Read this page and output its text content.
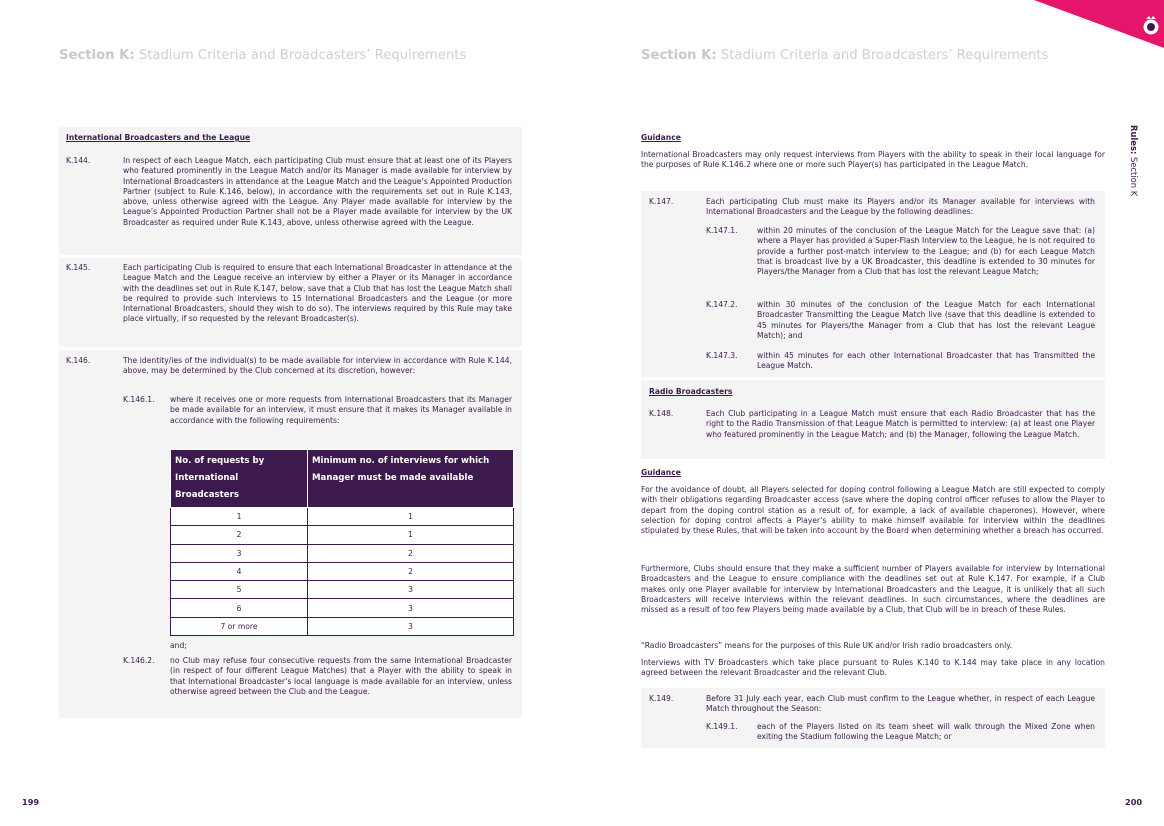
Section K: Stadium Criteria and Broadcasters’ Requirements	Section K: Stadium Criteria and Broadcasters’ Requirements
Rules: Section K
199	200
International Broadcasters and the League
K.144.	In respect of each League Match, each participating Club must ensure that at least one of its Players who featured prominently in the League Match and/or its Manager is made available for interview by International Broadcasters in attendance at the League Match and the League’s Appointed Production Partner (subject to Rule K.146, below), in accordance with the requirements set out in Rule K.143, above, unless otherwise agreed with the League. Any Player made available for interview by the League’s Appointed Production Partner shall not be a Player made available for interview by the UK Broadcaster as required under Rule K.143, above, unless otherwise agreed with the League.
K.145.	Each participating Club is required to ensure that each International Broadcaster in attendance at the League Match and the League receive an interview by either a Player or its Manager in accordance with the deadlines set out in Rule K.147, below, save that a Club that has lost the League Match shall be required to provide such interviews to 15 International Broadcasters and the League (or more International Broadcasters, should they wish to do so). The interviews required by this Rule may take place virtually, if so requested by the relevant Broadcaster(s).
K.146.	The identity/ies of the individual(s) to be made available for interview in accordance with Rule K.144, above, may be determined by the Club concerned at its discretion, however:
K.146.1. where it receives one or more requests from International Broadcasters that its Manager be made available for an interview, it must ensure that it makes its Manager available in accordance with the following requirements:
No. of requests by International Broadcasters	Minimum no. of interviews for which Manager must be made available
1	1
2	1
3	2
4	2
5	3
6	3
7 or more	3
and;
K.146.2. no Club may refuse four consecutive requests from the same International Broadcaster (in respect of four different League Matches) that a Player with the ability to speak in that International Broadcaster’s local language is made available for an interview, unless otherwise agreed between the Club and the League.
Guidance
International Broadcasters may only request interviews from Players with the ability to speak in their local language for the purposes of Rule K.146.2 where one or more such Player(s) has participated in the League Match.
K.147.	Each participating Club must make its Players and/or its Manager available for interviews with International Broadcasters and the League by the following deadlines:
K.147.1.	within 20 minutes of the conclusion of the League Match for the League save that: (a) where a Player has provided a Super-Flash Interview to the League, he is not required to provide a further post-match interview to the League; and (b) for each League Match that is broadcast live by a UK Broadcaster, this deadline is extended to 30 minutes for Players/the Manager from a Club that has lost the relevant League Match;
K.147.2.	within 30 minutes of the conclusion of the League Match for each International Broadcaster Transmitting the League Match live (save that this deadline is extended to 45 minutes for Players/the Manager from a Club that has lost the relevant League Match); and
K.147.3.	within 45 minutes for each other International Broadcaster that has Transmitted the League Match.
Radio Broadcasters
K.148.	Each Club participating in a League Match must ensure that each Radio Broadcaster that has the right to the Radio Transmission of that League Match is permitted to interview: (a) at least one Player who featured prominently in the League Match; and (b) the Manager, following the League Match.
Guidance
For the avoidance of doubt, all Players selected for doping control following a League Match are still expected to comply with their obligations regarding Broadcaster access (save where the doping control officer refuses to allow the Player to depart from the doping control station as a result of, for example, a lack of available chaperones). However, where selection for doping control affects a Player’s ability to make himself available for interview within the deadlines stipulated by these Rules, that will be taken into account by the Board when determining whether a breach has occurred.
Furthermore, Clubs should ensure that they make a sufficient number of Players available for interview by International Broadcasters and the League to ensure compliance with the deadlines set out at Rule K.147. For example, if a Club makes only one Player available for interview by International Broadcasters and the League, it is unlikely that all such Broadcasters will receive interviews within the relevant deadlines. In such circumstances, where the deadlines are missed as a result of too few Players being made available by a Club, that Club will be in breach of these Rules.
“Radio Broadcasters” means for the purposes of this Rule UK and/or Irish radio broadcasters only.
Interviews with TV Broadcasters which take place pursuant to Rules K.140 to K.144 may take place in any location agreed between the relevant Broadcaster and the relevant Club.
K.149.	Before 31 July each year, each Club must confirm to the League whether, in respect of each League Match throughout the Season:
K.149.1.	each of the Players listed on its team sheet will walk through the Mixed Zone when exiting the Stadium following the League Match; or
